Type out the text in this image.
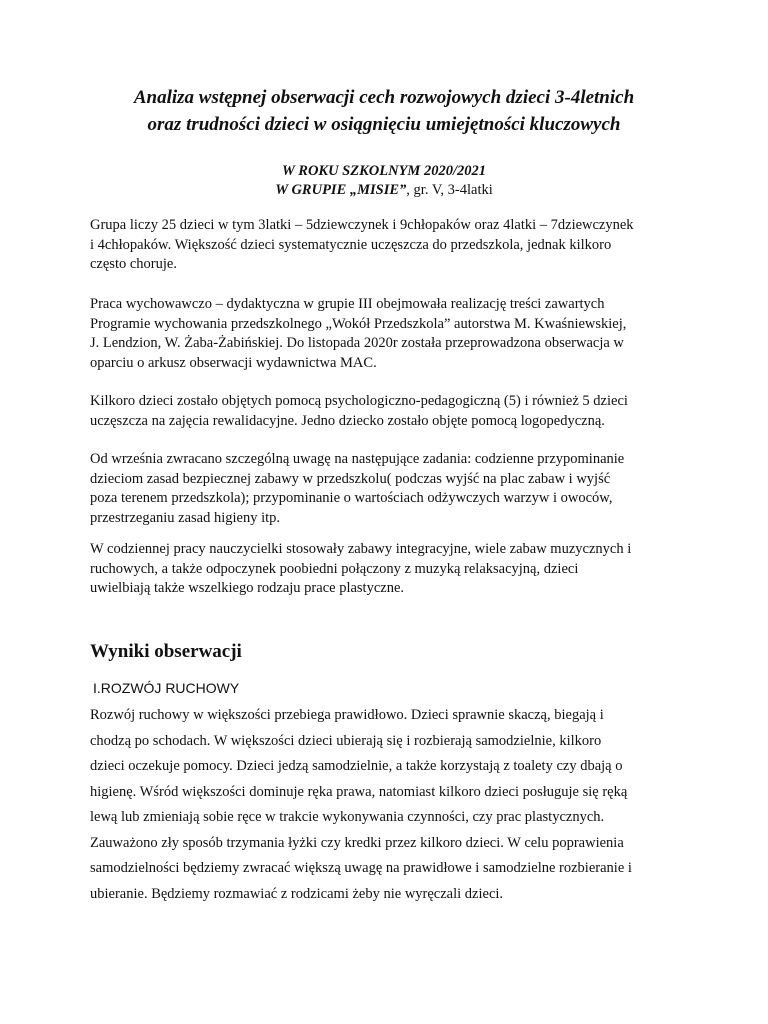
Analiza wstępnej obserwacji cech rozwojowych dzieci 3-4letnich
oraz trudności dzieci w osiągnięciu umiejętności kluczowych
W ROKU SZKOLNYM 2020/2021
W GRUPIE „MISIE”, gr. V, 3-4latki
Grupa liczy 25 dzieci w tym 3latki – 5dziewczynek i 9chłopaków oraz 4latki – 7dziewczynek
i 4chłopaków. Większość dzieci systematycznie uczęszcza do przedszkola, jednak kilkoro
często choruje.
Praca wychowawczo – dydaktyczna w grupie III obejmowała realizację treści zawartych
Programie wychowania przedszkolnego „Wokół Przedszkola” autorstwa M. Kwaśniewskiej,
J. Lendzion, W. Żaba-Żabińskiej. Do listopada 2020r została przeprowadzona obserwacja w
oparciu o arkusz obserwacji wydawnictwa MAC.
Kilkoro dzieci zostało objętych pomocą psychologiczno-pedagogiczną (5) i również 5 dzieci
uczęszcza na zajęcia rewalidacyjne. Jedno dziecko zostało objęte pomocą logopedyczną.
Od września zwracano szczególną uwagę na następujące zadania: codzienne przypominanie
dzieciom zasad bezpiecznej zabawy w przedszkolu( podczas wyjść na plac zabaw i wyjść
poza terenem przedszkola); przypominanie o wartościach odżywczych warzyw i owoców,
przestrzeganiu zasad higieny itp.
W codziennej pracy nauczycielki stosowały zabawy integracyjne, wiele zabaw muzycznych i
ruchowych, a także odpoczynek poobiedni połączony z muzyką relaksacyjną, dzieci
uwielbiają także wszelkiego rodzaju prace plastyczne.
Wyniki obserwacji
I.ROZWÓJ RUCHOWY
Rozwój ruchowy w większości przebiega prawidłowo. Dzieci sprawnie skaczą, biegają i
chodzą po schodach. W większości dzieci ubierają się i rozbierają samodzielnie, kilkoro
dzieci oczekuje pomocy. Dzieci jedzą samodzielnie, a także korzystają z toalety czy dbają o
higienę. Wśród większości dominuje ręka prawa, natomiast kilkoro dzieci posługuje się ręką
lewą lub zmieniają sobie ręce w trakcie wykonywania czynności, czy prac plastycznych.
Zauważono zły sposób trzymania łyżki czy kredki przez kilkoro dzieci. W celu poprawienia
samodzielności będziemy zwracać większą uwagę na prawidłowe i samodzielne rozbieranie i
ubieranie. Będziemy rozmawiać z rodzicami żeby nie wyręczali dzieci.
